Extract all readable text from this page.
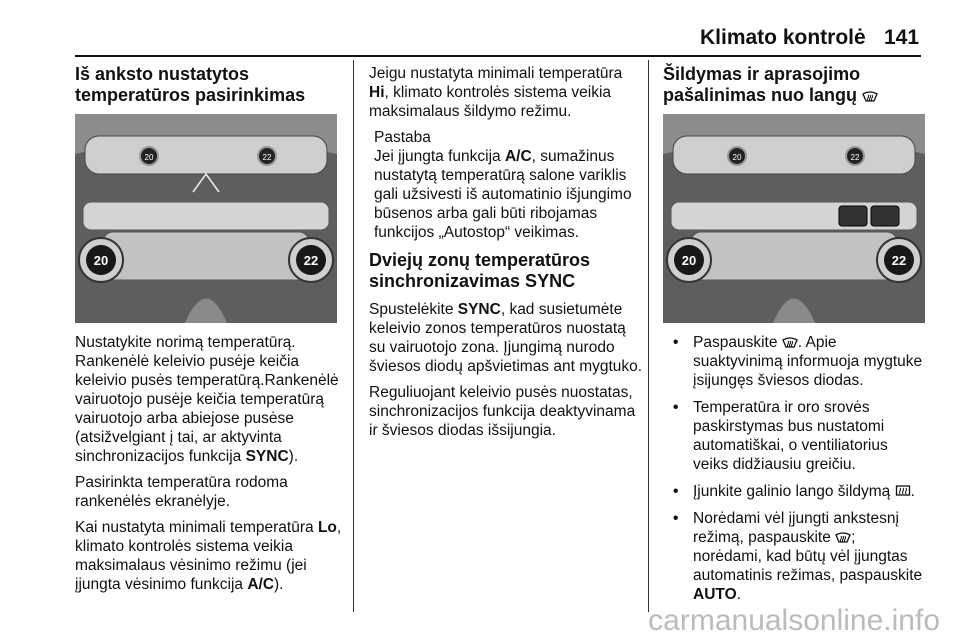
Klimato kontrolė 141
Iš anksto nustatytos temperatūros pasirinkimas
20	22
20	22

Nustatykite norimą temperatūrą. Rankenėlė keleivio pusėje keičia keleivio pusės temperatūrą.Rankenėlė vairuotojo pusėje keičia temperatūrą vairuotojo arba abiejose pusėse (atsižvelgiant į tai, ar aktyvinta sinchronizacijos funkcija SYNC).

Pasirinkta temperatūra rodoma rankenėlės ekranėlyje.

Kai nustatyta minimali temperatūra Lo, klimato kontrolės sistema veikia maksimalaus vėsinimo režimu (jei įjungta vėsinimo funkcija A/C).

Jeigu nustatyta minimali temperatūra Hi, klimato kontrolės sistema veikia maksimalaus šildymo režimu.

Pastaba
Jei įjungta funkcija A/C, sumažinus nustatytą temperatūrą salone variklis gali užsivesti iš automatinio išjungimo būsenos arba gali būti ribojamas funkcijos „Autostop“ veikimas.
Dviejų zonų temperatūros sinchronizavimas SYNC

Spustelėkite SYNC, kad susietumėte keleivio zonos temperatūros nuostatą su vairuotojo zona. Įjungimą nurodo šviesos diodų apšvietimas ant mygtuko.

Reguliuojant keleivio pusės nuostatas, sinchronizacijos funkcija deaktyvinama ir šviesos diodas išsijungia.

Šildymas ir aprasojimo pašalinimas nuo langų
20	22
20	22
• Paspauskite . Apie suaktyvinimą informuoja mygtuke įsijungęs šviesos diodas.
• Temperatūra ir oro srovės paskirstymas bus nustatomi automatiškai, o ventiliatorius veiks didžiausiu greičiu.
• Įjunkite galinio lango šildymą .
• Norėdami vėl įjungti ankstesnį režimą, paspauskite ;
norėdami, kad būtų vėl įjungtas automatinis režimas, paspauskite AUTO.
carmanualsonline.info
